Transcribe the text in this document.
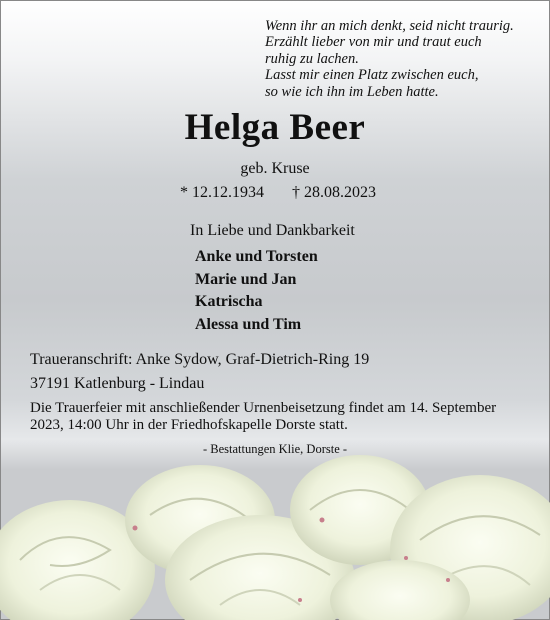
Wenn ihr an mich denkt, seid nicht traurig.
Erzählt lieber von mir und traut euch
ruhig zu lachen.
Lasst mir einen Platz zwischen euch,
so wie ich ihn im Leben hatte.
Helga Beer
geb. Kruse
* 12.12.1934 † 28.08.2023
In Liebe und Dankbarkeit
Anke und Torsten
Marie und Jan
Katrischa
Alessa und Tim
Traueranschrift: Anke Sydow, Graf-Dietrich-Ring 19
37191 Katlenburg - Lindau
Die Trauerfeier mit anschließender Urnenbeisetzung findet am 14. September 2023, 14:00 Uhr in der Friedhofskapelle Dorste statt.
- Bestattungen Klie, Dorste -
